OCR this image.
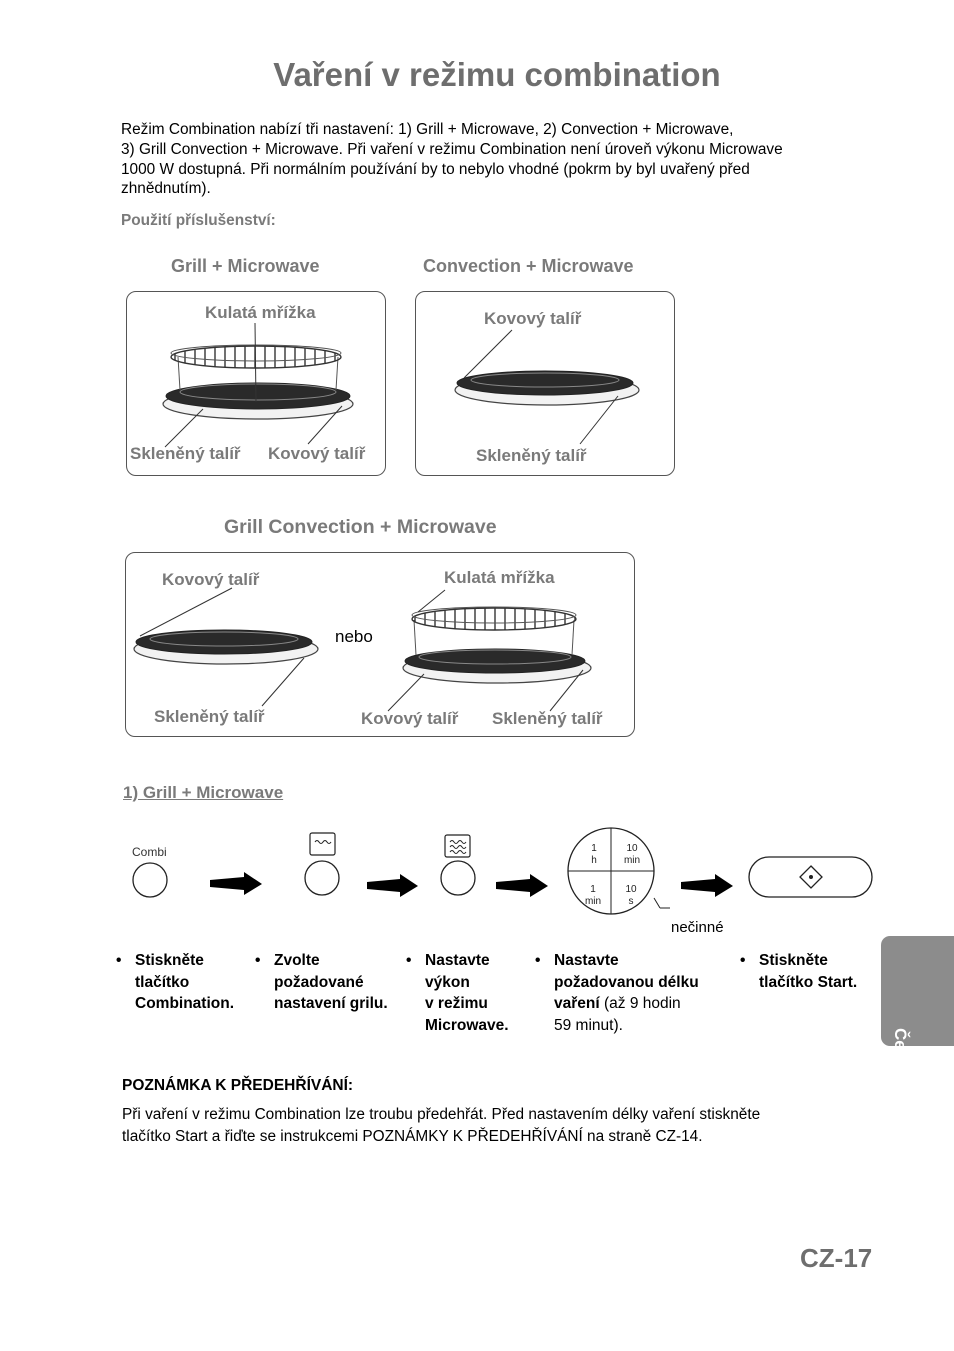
Vaření v režimu combination
Režim Combination nabízí tři nastavení: 1) Grill + Microwave, 2) Convection + Microwave,
3) Grill Convection + Microwave. Při vaření v režimu Combination není úroveň výkonu Microwave
1000 W dostupná. Při normálním používání by to nebylo vhodné (pokrm by byl uvařený před
zhnědnutím).
Použití příslušenství:
Grill + Microwave	Convection + Microwave
Grill Convection + Microwave
Kulatá mřížka
Skleněný talíř Kovový talíř
Kovový talíř
Skleněný talíř
Kovový talíř
Skleněný talíř
nebo
Kulatá mřížka
Kovový talíř Skleněný talíř
1) Grill + Microwave
Combi	1
h
10
min
1
min
10
s
nečinné
• Stiskněte
tlačítko
Combination.
• Zvolte
požadované
nastavení grilu.
• Nastavte
výkon
v režimu
Microwave.
• Nastavte
požadovanou délku
vaření (až 9 hodin
59 minut).
• Stiskněte
tlačítko Start.
POZNÁMKA K PŘEDEHŘÍVÁNÍ:
Při vaření v režimu Combination lze troubu předehřát. Před nastavením délky vaření stiskněte
tlačítko Start a řiďte se instrukcemi POZNÁMKY K PŘEDEHŘÍVÁNÍ na straně CZ-14.
Česky
CZ-17
